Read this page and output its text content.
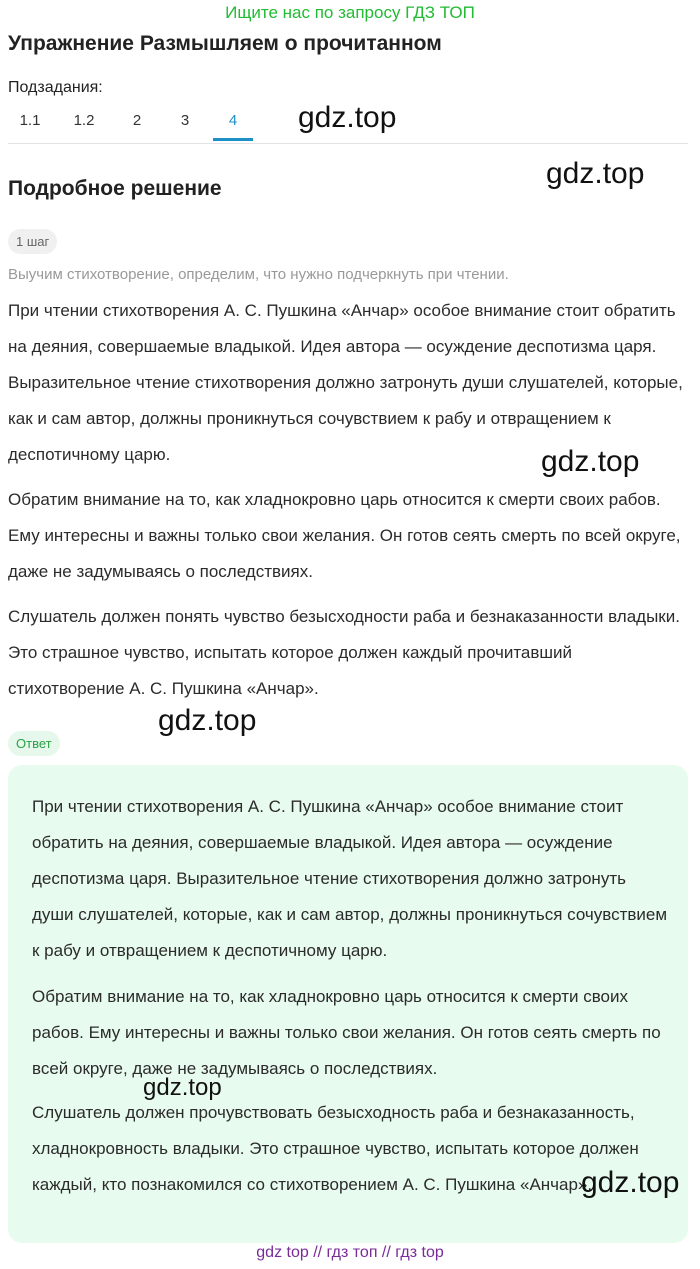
Ищите нас по запросу ГДЗ ТОП
Упражнение Размышляем о прочитанном
Подзадания:
1.1	1.2	2	3	4	gdz.top
gdz.top
Подробное решение
1 шаг
Выучим стихотворение, определим, что нужно подчеркнуть при чтении.

При чтении стихотворения А. С. Пушкина «Анчар» особое внимание стоит обратить на деяния, совершаемые владыкой. Идея автора — осуждение деспотизма царя. Выразительное чтение стихотворения должно затронуть души слушателей, которые, как и сам автор, должны проникнуться сочувствием к рабу и отвращением к деспотичному царю.	gdz.top

Обратим внимание на то, как хладнокровно царь относится к смерти своих рабов. Ему интересны и важны только свои желания. Он готов сеять смерть по всей округе, даже не задумываясь о последствиях.

Слушатель должен понять чувство безысходности раба и безнаказанности владыки. Это страшное чувство, испытать которое должен каждый прочитавший стихотворение А. С. Пушкина «Анчар».

gdz.top
Ответ

При чтении стихотворения А. С. Пушкина «Анчар» особое внимание стоит обратить на деяния, совершаемые владыкой. Идея автора — осуждение деспотизма царя. Выразительное чтение стихотворения должно затронуть души слушателей, которые, как и сам автор, должны проникнуться сочувствием к рабу и отвращением к деспотичному царю.

Обратим внимание на то, как хладнокровно царь относится к смерти своих рабов. Ему интересны и важны только свои желания. Он готов сеять смерть по всей округе, даже не задумываясь о последствиях.

gdz.top

Слушатель должен прочувствовать безысходность раба и безнаказанность, хладнокровность владыки. Это страшное чувство, испытать которое должен каждый, кто познакомился со стихотворением А. С. Пушкина «Анчар».

gdz.top
gdz top // гдз топ // гдз top
